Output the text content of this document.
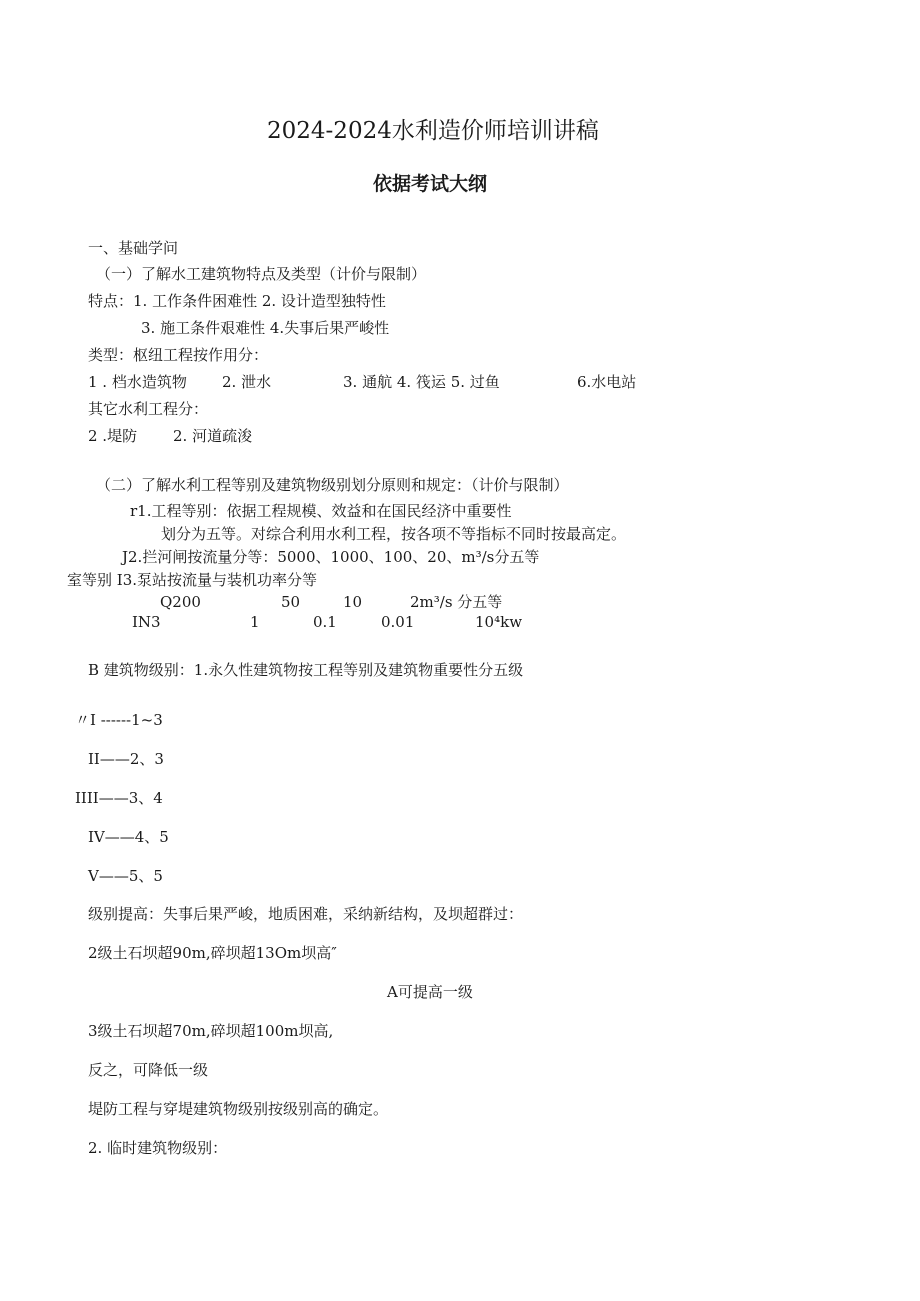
2024-2024水利造价师培训讲稿
依据考试大纲
一、基础学问
（一）了解水工建筑物特点及类型（计价与限制）
特点：1. 工作条件困难性 2. 设计造型独特性
3. 施工条件艰难性 4.失事后果严峻性
类型：枢纽工程按作用分：
1 . 档水造筑物 2. 泄水	3. 通航 4. 筏运 5. 过鱼	6.水电站
其它水利工程分：
2 .堤防 2. 河道疏浚
（二）了解水利工程等别及建筑物级别划分原则和规定：（计价与限制）
r1.工程等别：依据工程规模、效益和在国民经济中重要性
划分为五等。对综合利用水利工程，按各项不等指标不同时按最高定。
J2.拦河闸按流量分等：5000、1000、100、20、m³/s分五等
室等别 I3.泵站按流量与装机功率分等
Q200	50	10	2m³/s 分五等
IN3	1	0.1	0.01	10⁴kw
B 建筑物级别：1.永久性建筑物按工程等别及建筑物重要性分五级
〃I ------1~3
II——2、3
IIII——3、4
IV——4、5
V——5、5
级别提高：失事后果严峻，地质困难，采纳新结构，及坝超群过：
2级土石坝超90m,碎坝超13Om坝高″
A可提高一级
3级土石坝超70m,碎坝超100m坝高,
反之，可降低一级
堤防工程与穿堤建筑物级别按级别高的确定。
2. 临时建筑物级别：
